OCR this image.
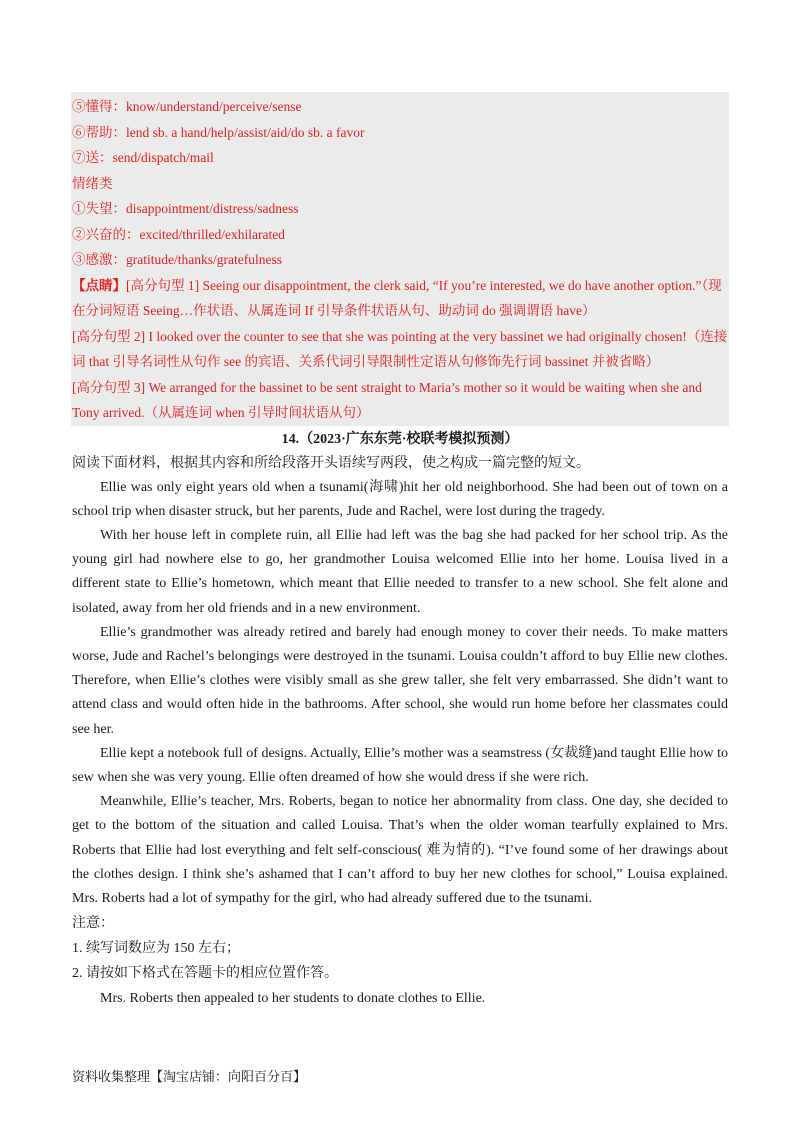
⑤懂得：know/understand/perceive/sense
⑥帮助：lend sb. a hand/help/assist/aid/do sb. a favor
⑦送：send/dispatch/mail
情绪类
①失望：disappointment/distress/sadness
②兴奋的：excited/thrilled/exhilarated
③感激：gratitude/thanks/gratefulness
【点睛】[高分句型 1] Seeing our disappointment, the clerk said, “If you’re interested, we do have another option.”（现在分词短语 Seeing…作状语、从属连词 If 引导条件状语从句、助动词 do 强调谓语 have）
[高分句型 2] I looked over the counter to see that she was pointing at the very bassinet we had originally chosen!（连接词 that 引导名词性从句作 see 的宾语、关系代词引导限制性定语从句修饰先行词 bassinet 并被省略）
[高分句型 3] We arranged for the bassinet to be sent straight to Maria’s mother so it would be waiting when she and Tony arrived.（从属连词 when 引导时间状语从句）
14.（2023·广东东莞·校联考模拟预测）
阅读下面材料，根据其内容和所给段落开头语续写两段，使之构成一篇完整的短文。

Ellie was only eight years old when a tsunami(海啸)hit her old neighborhood. She had been out of town on a school trip when disaster struck, but her parents, Jude and Rachel, were lost during the tragedy.

With her house left in complete ruin, all Ellie had left was the bag she had packed for her school trip. As the young girl had nowhere else to go, her grandmother Louisa welcomed Ellie into her home. Louisa lived in a different state to Ellie’s hometown, which meant that Ellie needed to transfer to a new school. She felt alone and isolated, away from her old friends and in a new environment.

Ellie’s grandmother was already retired and barely had enough money to cover their needs. To make matters worse, Jude and Rachel’s belongings were destroyed in the tsunami. Louisa couldn’t afford to buy Ellie new clothes. Therefore, when Ellie’s clothes were visibly small as she grew taller, she felt very embarrassed. She didn’t want to attend class and would often hide in the bathrooms. After school, she would run home before her classmates could see her.

Ellie kept a notebook full of designs. Actually, Ellie’s mother was a seamstress (女裁缝)and taught Ellie how to sew when she was very young. Ellie often dreamed of how she would dress if she were rich.

Meanwhile, Ellie’s teacher, Mrs. Roberts, began to notice her abnormality from class. One day, she decided to get to the bottom of the situation and called Louisa. That’s when the older woman tearfully explained to Mrs. Roberts that Ellie had lost everything and felt self-conscious( 难为情的). “I’ve found some of her drawings about the clothes design. I think she’s ashamed that I can’t afford to buy her new clothes for school,” Louisa explained. Mrs. Roberts had a lot of sympathy for the girl, who had already suffered due to the tsunami.

注意：
1. 续写词数应为 150 左右；
2. 请按如下格式在答题卡的相应位置作答。
Mrs. Roberts then appealed to her students to donate clothes to Ellie.
资料收集整理【淘宝店铺：向阳百分百】
